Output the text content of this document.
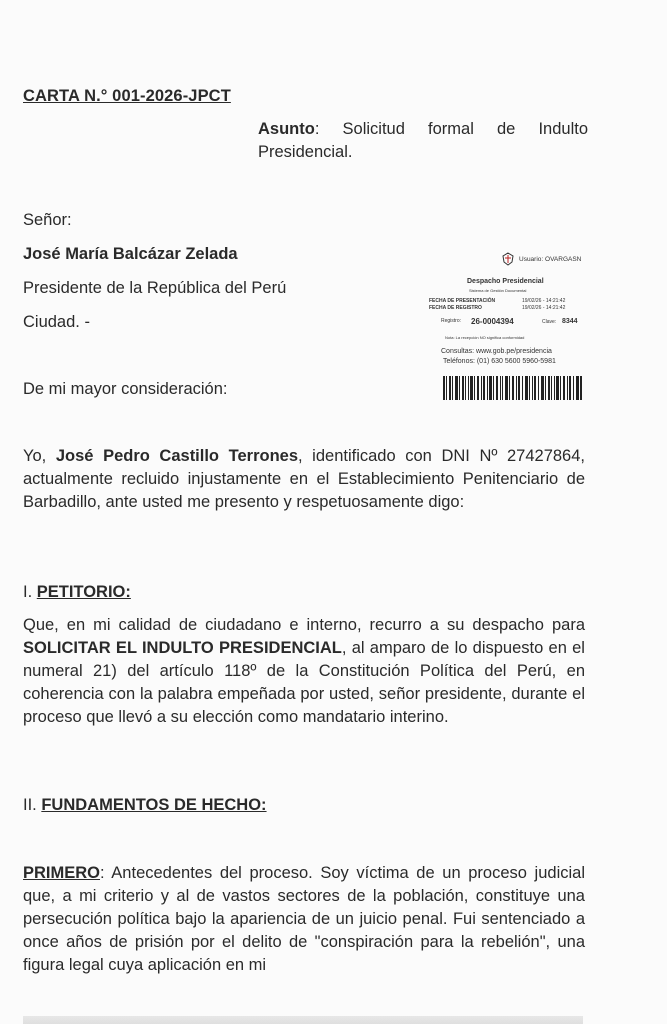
CARTA N.° 001-2026-JPCT
Asunto: Solicitud formal de Indulto Presidencial.
Señor:
José María Balcázar Zelada
Presidente de la República del Perú
Ciudad. -
Usuario: OVARGASN
Despacho Presidencial
Sistema de Gestión Documental
FECHA DE PRESENTACIÓN	19/02/26 - 14:21:42
FECHA DE REGISTRO	19/02/26 - 14:21:42
Registro: 26-0004394	Clave: 8344
Nota: La recepción NO significa conformidad
Consultas: www.gob.pe/presidencia
Teléfonos: (01) 630 5600 5960-5981
De mi mayor consideración:

Yo, José Pedro Castillo Terrones, identificado con DNI Nº 27427864, actualmente recluido injustamente en el Establecimiento Penitenciario de Barbadillo, ante usted me presento y respetuosamente digo:

I. PETITORIO:

Que, en mi calidad de ciudadano e interno, recurro a su despacho para SOLICITAR EL INDULTO PRESIDENCIAL, al amparo de lo dispuesto en el numeral 21) del artículo 118º de la Constitución Política del Perú, en coherencia con la palabra empeñada por usted, señor presidente, durante el proceso que llevó a su elección como mandatario interino.

II. FUNDAMENTOS DE HECHO:

PRIMERO: Antecedentes del proceso. Soy víctima de un proceso judicial que, a mi criterio y al de vastos sectores de la población, constituye una persecución política bajo la apariencia de un juicio penal. Fui sentenciado a once años de prisión por el delito de "conspiración para la rebelión", una figura legal cuya aplicación en mi
